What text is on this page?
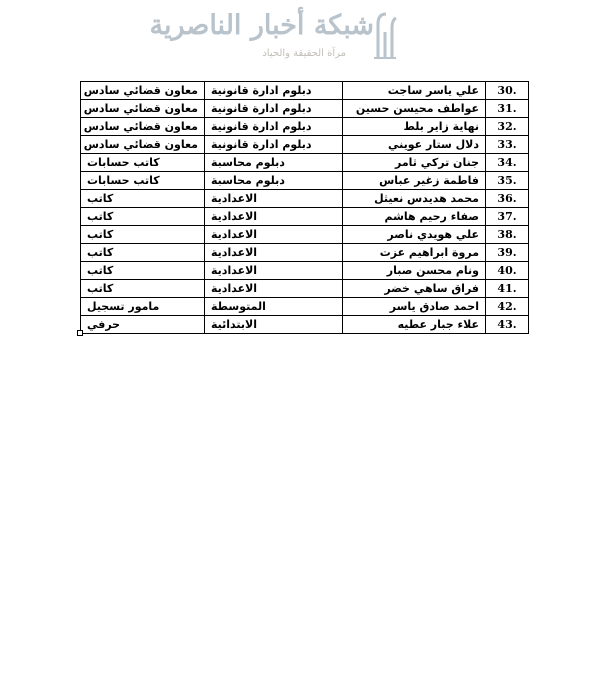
شبكة أخبار الناصرية
مرآة الحقيقة والحياد
.30	علي ياسر ساجت	دبلوم ادارة قانونية	معاون قضائي سادس
.31	عواطف محيسن حسين	دبلوم ادارة قانونية	معاون قضائي سادس
.32	نهاية زاير بلط	دبلوم ادارة قانونية	معاون قضائي سادس
.33	دلال ستار عويني	دبلوم ادارة قانونية	معاون قضائي سادس
.34	جنان تركي ثامر	دبلوم محاسبة	كاتب حسابات
.35	فاطمة زغير عباس	دبلوم محاسبة	كاتب حسابات
.36	محمد هديدس نعيثل	الاعدادية	كاتب
.37	صفاء رحيم هاشم	الاعدادية	كاتب
.38	علي هويدي ناصر	الاعدادية	كاتب
.39	مروة ابراهيم عزت	الاعدادية	كاتب
.40	ونام محسن صبار	الاعدادية	كاتب
.41	فراق ساهي خضر	الاعدادية	كاتب
.42	احمد صادق ياسر	المتوسطة	مامور تسجيل
.43	علاء جبار عطيه	الابتدائية	حرفي
